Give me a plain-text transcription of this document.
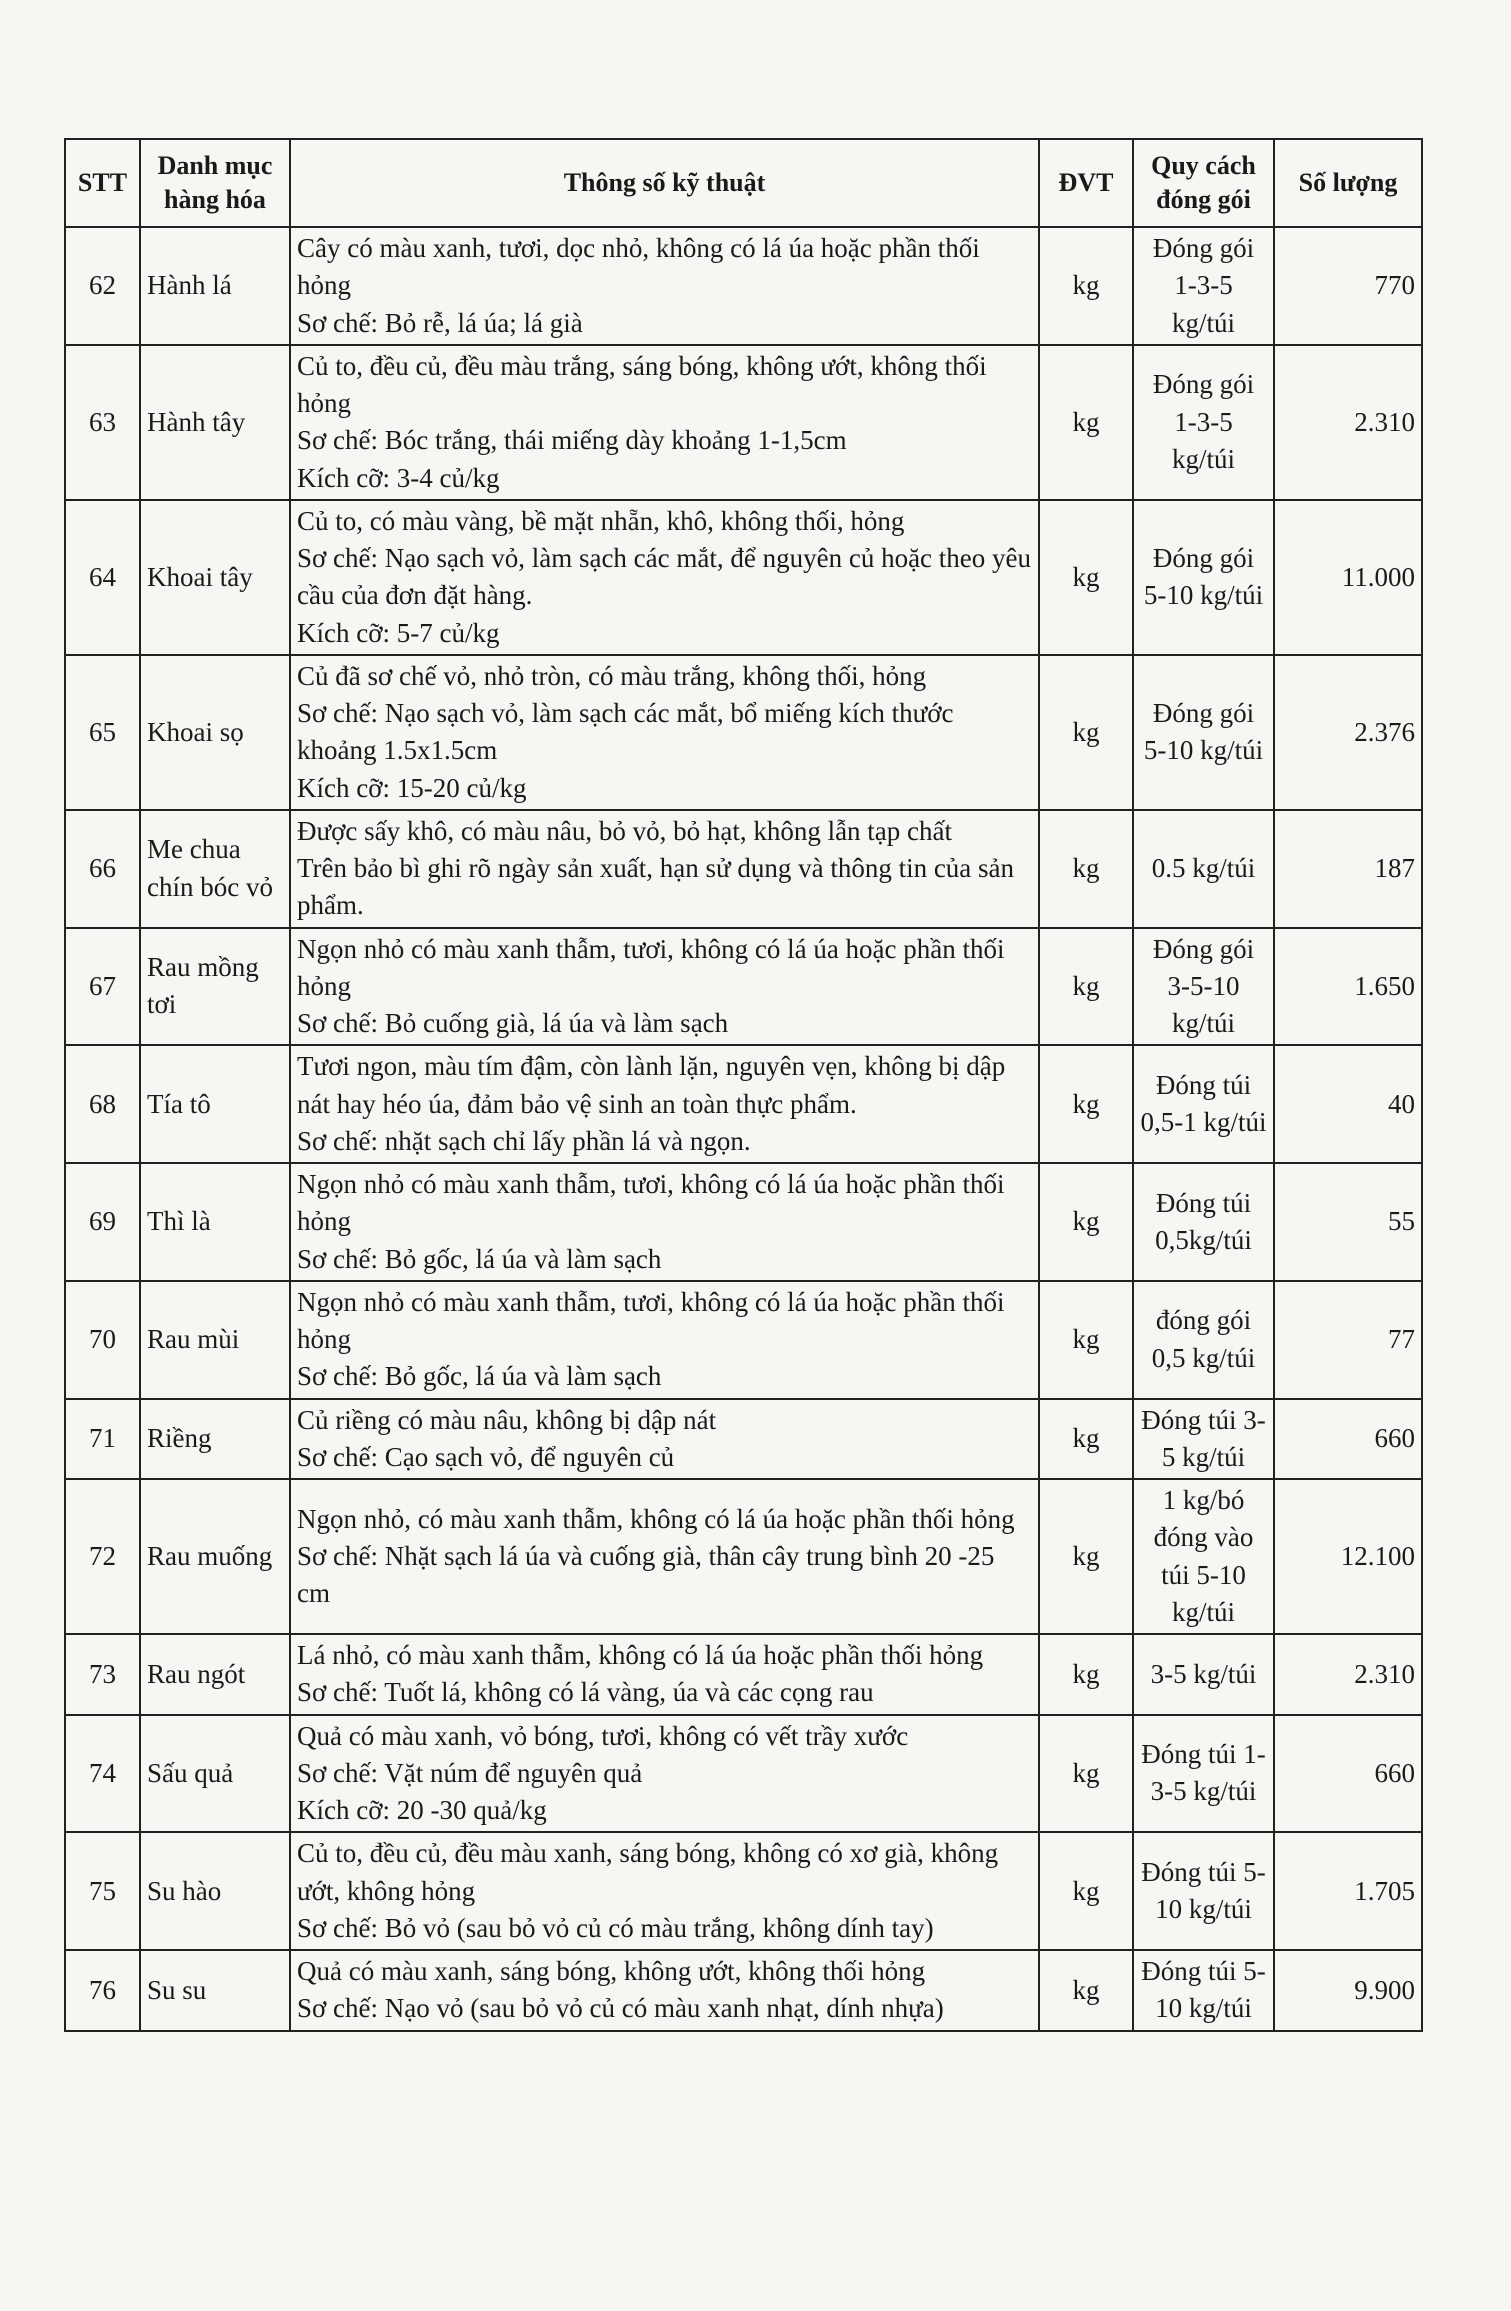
STT	Danh mục hàng hóa	Thông số kỹ thuật	ĐVT	Quy cách đóng gói	Số lượng
62	Hành lá	Cây có màu xanh, tươi, dọc nhỏ, không có lá úa hoặc phần thối hỏng
Sơ chế: Bỏ rễ, lá úa; lá già	kg	Đóng gói 1-3-5 kg/túi	770
63	Hành tây	Củ to, đều củ, đều màu trắng, sáng bóng, không ướt, không thối hỏng
Sơ chế: Bóc trắng, thái miếng dày khoảng 1-1,5cm
Kích cỡ: 3-4 củ/kg	kg	Đóng gói 1-3-5 kg/túi	2.310
64	Khoai tây	Củ to, có màu vàng, bề mặt nhẵn, khô, không thối, hỏng
Sơ chế: Nạo sạch vỏ, làm sạch các mắt, để nguyên củ hoặc theo yêu cầu của đơn đặt hàng.
Kích cỡ: 5-7 củ/kg	kg	Đóng gói 5-10 kg/túi	11.000
65	Khoai sọ	Củ đã sơ chế vỏ, nhỏ tròn, có màu trắng, không thối, hỏng
Sơ chế: Nạo sạch vỏ, làm sạch các mắt, bổ miếng kích thước khoảng 1.5x1.5cm
Kích cỡ: 15-20 củ/kg	kg	Đóng gói 5-10 kg/túi	2.376
66	Me chua chín bóc vỏ	Được sấy khô, có màu nâu, bỏ vỏ, bỏ hạt, không lẫn tạp chất
Trên bảo bì ghi rõ ngày sản xuất, hạn sử dụng và thông tin của sản phẩm.	kg	0.5 kg/túi	187
67	Rau mồng tơi	Ngọn nhỏ có màu xanh thẫm, tươi, không có lá úa hoặc phần thối hỏng
Sơ chế: Bỏ cuống già, lá úa và làm sạch	kg	Đóng gói 3-5-10 kg/túi	1.650
68	Tía tô	Tươi ngon, màu tím đậm, còn lành lặn, nguyên vẹn, không bị dập nát hay héo úa, đảm bảo vệ sinh an toàn thực phẩm.
Sơ chế: nhặt sạch chỉ lấy phần lá và ngọn.	kg	Đóng túi 0,5-1 kg/túi	40
69	Thì là	Ngọn nhỏ có màu xanh thẫm, tươi, không có lá úa hoặc phần thối hỏng
Sơ chế: Bỏ gốc, lá úa và làm sạch	kg	Đóng túi 0,5kg/túi	55
70	Rau mùi	Ngọn nhỏ có màu xanh thẫm, tươi, không có lá úa hoặc phần thối hỏng
Sơ chế: Bỏ gốc, lá úa và làm sạch	kg	đóng gói 0,5 kg/túi	77
71	Riềng	Củ riềng có màu nâu, không bị dập nát
Sơ chế: Cạo sạch vỏ, để nguyên củ	kg	Đóng túi 3-5 kg/túi	660
72	Rau muống	Ngọn nhỏ, có màu xanh thẫm, không có lá úa hoặc phần thối hỏng
Sơ chế: Nhặt sạch lá úa và cuống già, thân cây trung bình 20 -25 cm	kg	1 kg/bó đóng vào túi 5-10 kg/túi	12.100
73	Rau ngót	Lá nhỏ, có màu xanh thẫm, không có lá úa hoặc phần thối hỏng
Sơ chế: Tuốt lá, không có lá vàng, úa và các cọng rau	kg	3-5 kg/túi	2.310
74	Sấu quả	Quả có màu xanh, vỏ bóng, tươi, không có vết trầy xước
Sơ chế: Vặt núm để nguyên quả
Kích cỡ: 20 -30 quả/kg	kg	Đóng túi 1-3-5 kg/túi	660
75	Su hào	Củ to, đều củ, đều màu xanh, sáng bóng, không có xơ già, không ướt, không hỏng
Sơ chế: Bỏ vỏ (sau bỏ vỏ củ có màu trắng, không dính tay)	kg	Đóng túi 5-10 kg/túi	1.705
76	Su su	Quả có màu xanh, sáng bóng, không ướt, không thối hỏng
Sơ chế: Nạo vỏ (sau bỏ vỏ củ có màu xanh nhạt, dính nhựa)	kg	Đóng túi 5-10 kg/túi	9.900
